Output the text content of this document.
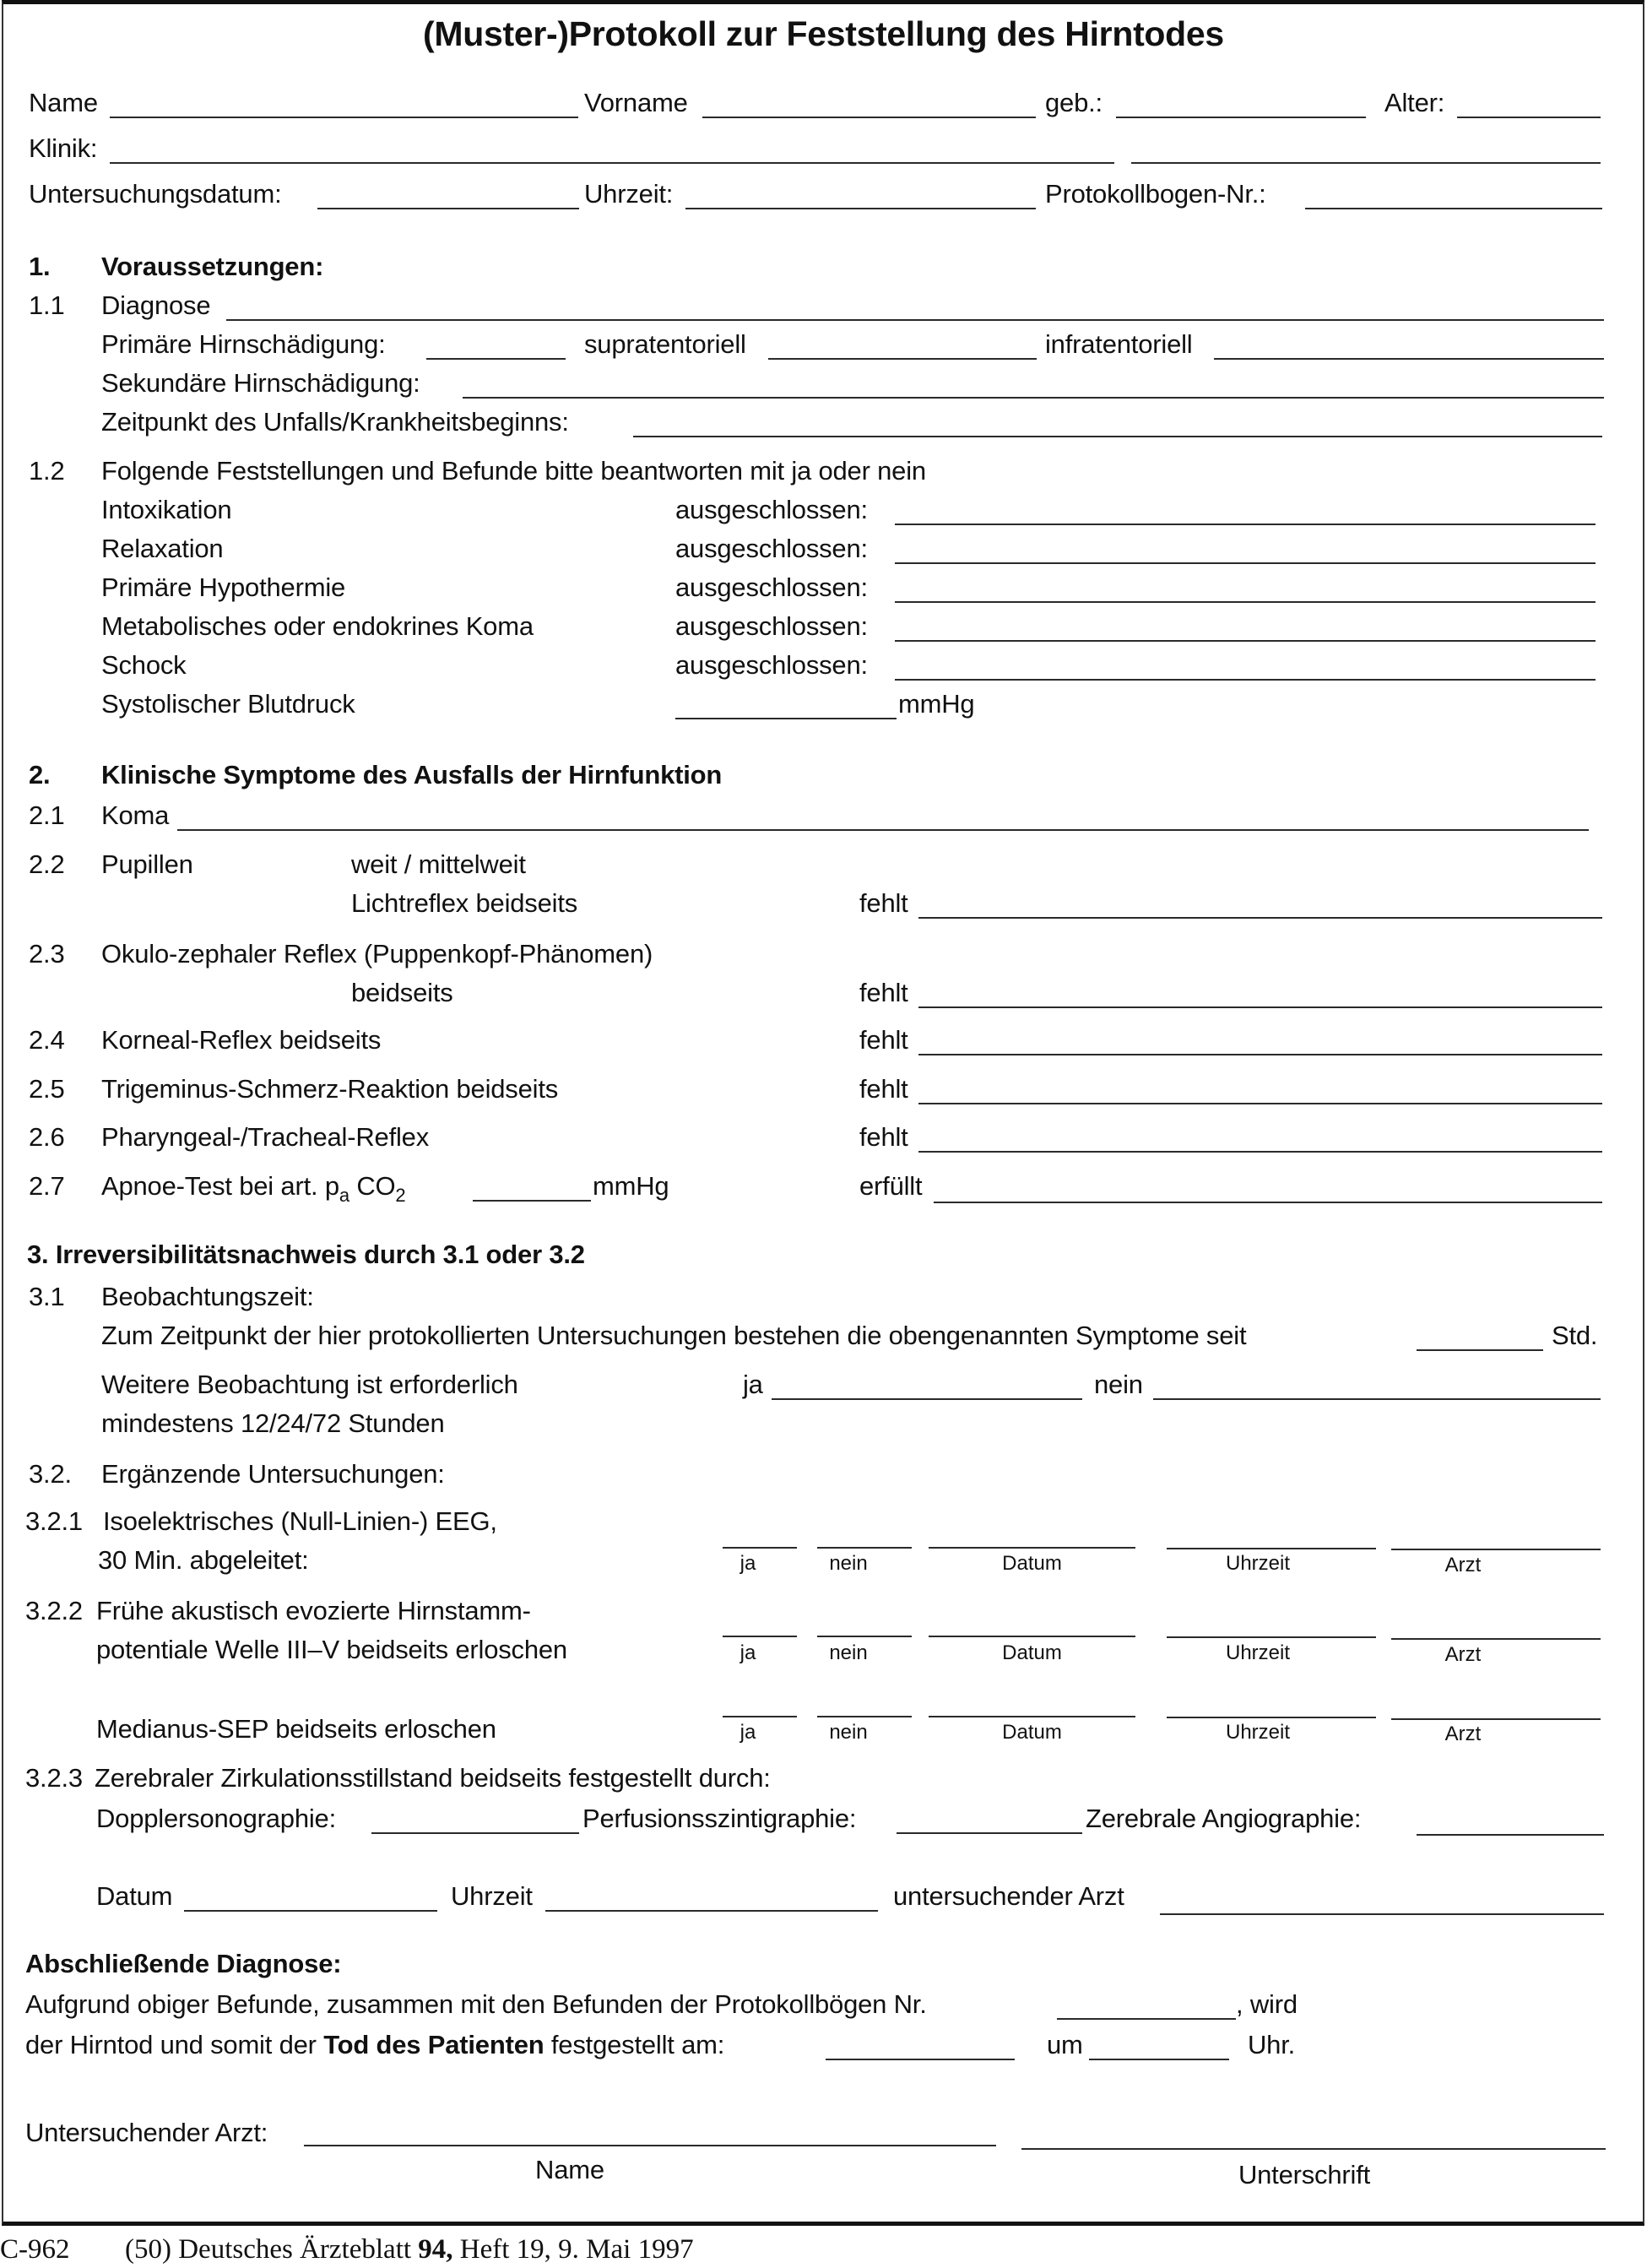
(Muster-)Protokoll zur Feststellung des Hirntodes
Name	Vorname	geb.:	Alter:
Klinik:
Untersuchungsdatum:	Uhrzeit:	Protokollbogen-Nr.:
1. Voraussetzungen:
1.1 Diagnose
Primäre Hirnschädigung:	supratentoriell	infratentoriell
Sekundäre Hirnschädigung:
Zeitpunkt des Unfalls/Krankheitsbeginns:
1.2 Folgende Feststellungen und Befunde bitte beantworten mit ja oder nein
Intoxikation	ausgeschlossen:
Relaxation	ausgeschlossen:
Primäre Hypothermie	ausgeschlossen:
Metabolisches oder endokrines Koma	ausgeschlossen:
Schock	ausgeschlossen:
Systolischer Blutdruck	mmHg
2. Klinische Symptome des Ausfalls der Hirnfunktion
2.1 Koma
2.2 Pupillen	weit / mittelweit
Lichtreflex beidseits	fehlt
2.3 Okulo-zephaler Reflex (Puppenkopf-Phänomen)
beidseits	fehlt
2.4 Korneal-Reflex beidseits	fehlt
2.5 Trigeminus-Schmerz-Reaktion beidseits	fehlt
2.6 Pharyngeal-/Tracheal-Reflex	fehlt
2.7 Apnoe-Test bei art. $p_a$ $CO_2$	mmHg	erfüllt
3. Irreversibilitätsnachweis durch 3.1 oder 3.2
3.1 Beobachtungszeit:
Zum Zeitpunkt der hier protokollierten Untersuchungen bestehen die obengenannten Symptome seit	Std.
Weitere Beobachtung ist erforderlich	ja	nein
mindestens 12/24/72 Stunden
3.2. Ergänzende Untersuchungen:
3.2.1 Isoelektrisches (Null-Linien-) EEG,
30 Min. abgeleitet:	ja	nein	Datum	Uhrzeit	Arzt
3.2.2 Frühe akustisch evozierte Hirnstamm-
potentiale Welle III–V beidseits erloschen	ja	nein	Datum	Uhrzeit	Arzt
Medianus-SEP beidseits erloschen	ja	nein	Datum	Uhrzeit	Arzt
3.2.3 Zerebraler Zirkulationsstillstand beidseits festgestellt durch:
Dopplersonographie:	Perfusionsszintigraphie:	Zerebrale Angiographie:
Datum	Uhrzeit	untersuchender Arzt
Abschließende Diagnose:
Aufgrund obiger Befunde, zusammen mit den Befunden der Protokollbögen Nr.	, wird
der Hirntod und somit der Tod des Patienten festgestellt am:	um	Uhr.
Untersuchender Arzt:
Name	Unterschrift
C-962 (50) Deutsches Ärzteblatt 94, Heft 19, 9. Mai 1997
